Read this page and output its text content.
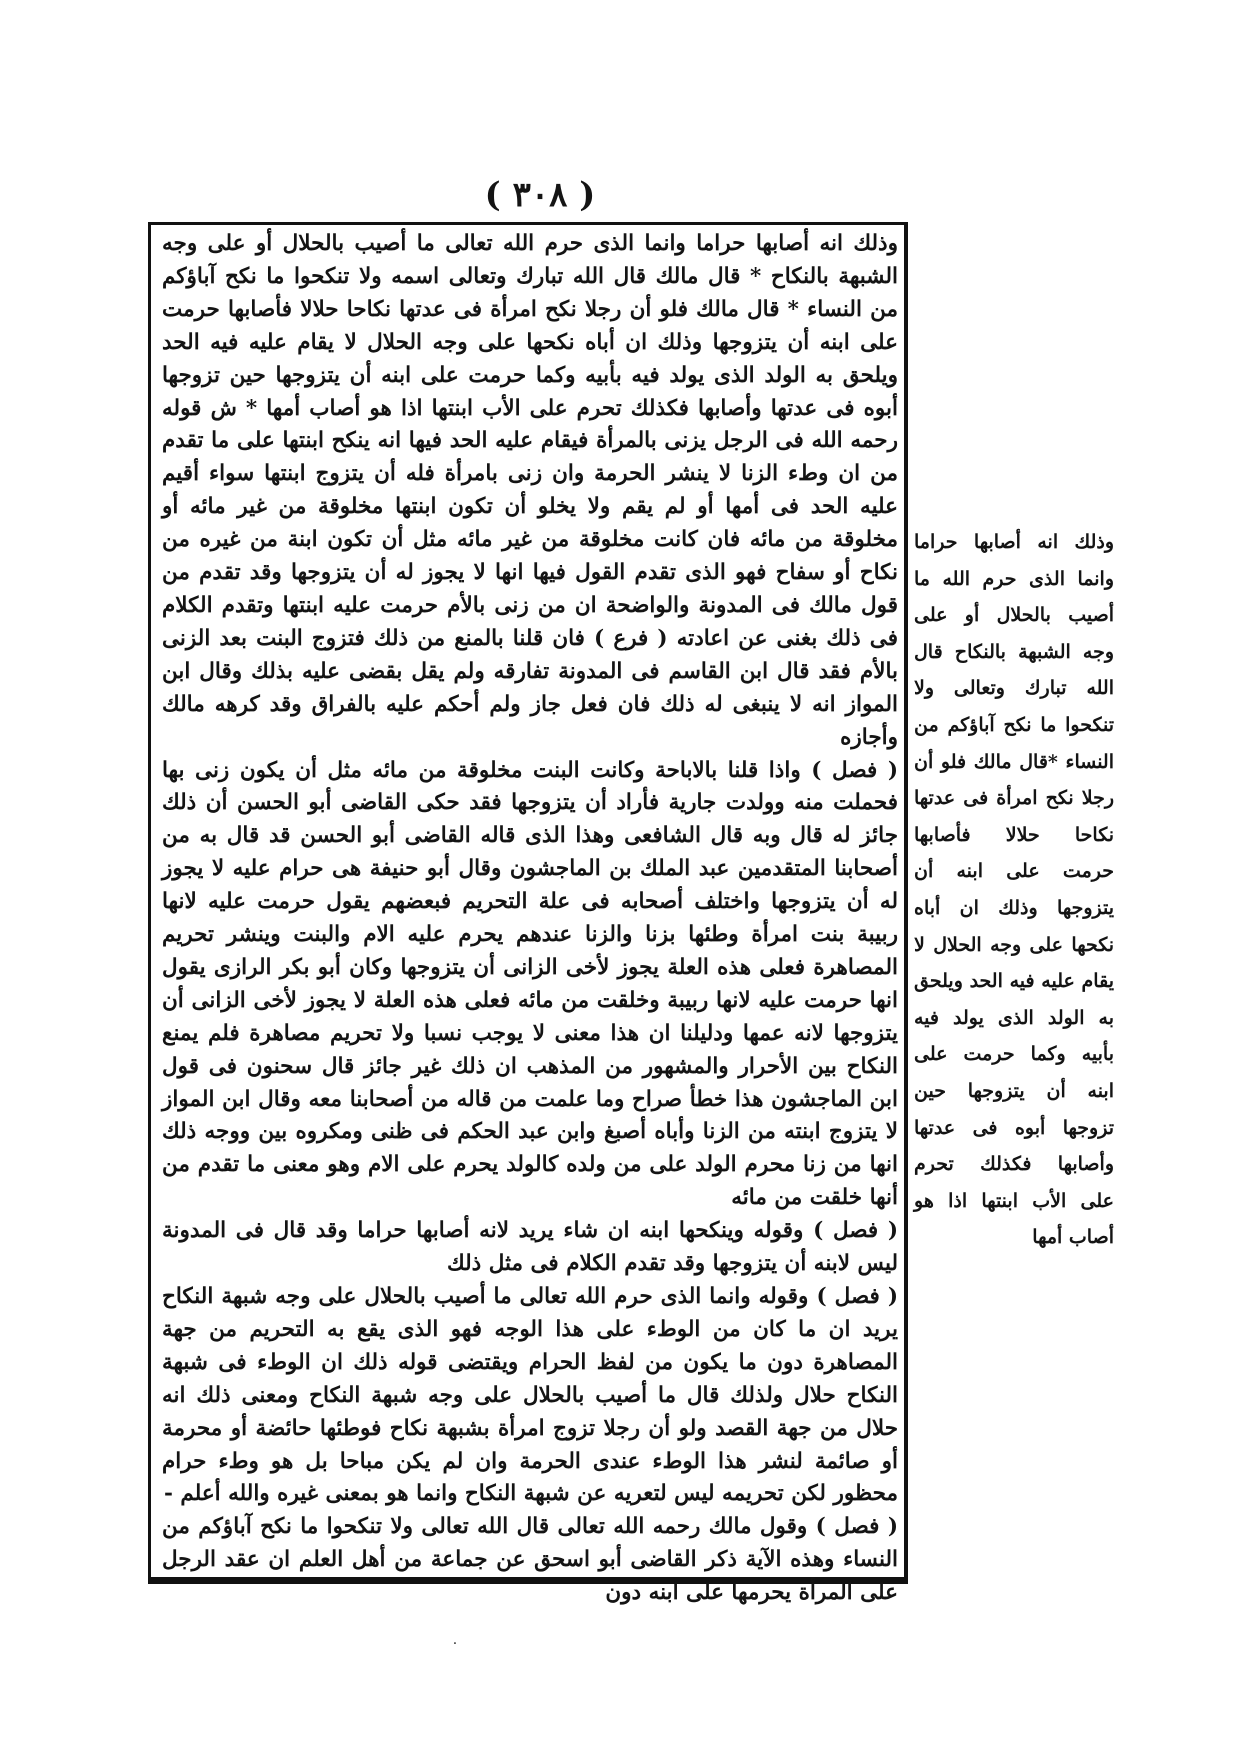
( ٣٠٨ )

وذلك انه أصابها حراما وانما الذى حرم الله تعالى ما أصيب بالحلال أو على وجه الشبهة بالنكاح * قال مالك قال الله تبارك وتعالى اسمه ولا تنكحوا ما نكح آباؤكم من النساء * قال مالك فلو أن رجلا نكح امرأة فى عدتها نكاحا حلالا فأصابها حرمت على ابنه أن يتزوجها وذلك ان أباه نكحها على وجه الحلال لا يقام عليه فيه الحد ويلحق به الولد الذى يولد فيه بأبيه وكما حرمت على ابنه أن يتزوجها حين تزوجها أبوه فى عدتها وأصابها فكذلك تحرم على الأب ابنتها اذا هو أصاب أمها * ش قوله رحمه الله فى الرجل يزنى بالمرأة فيقام عليه الحد فيها انه ينكح ابنتها على ما تقدم من ان وطء الزنا لا ينشر الحرمة وان زنى بامرأة فله أن يتزوج ابنتها سواء أقيم عليه الحد فى أمها أو لم يقم ولا يخلو أن تكون ابنتها مخلوقة من غير مائه أو مخلوقة من مائه فان كانت مخلوقة من غير مائه مثل أن تكون ابنة من غيره من نكاح أو سفاح فهو الذى تقدم القول فيها انها لا يجوز له أن يتزوجها وقد تقدم من قول مالك فى المدونة والواضحة ان من زنى بالأم حرمت عليه ابنتها وتقدم الكلام فى ذلك بغنى عن اعادته ( فرع ) فان قلنا بالمنع من ذلك فتزوج البنت بعد الزنى بالأم فقد قال ابن القاسم فى المدونة تفارقه ولم يقل بقضى عليه بذلك وقال ابن المواز انه لا ينبغى له ذلك فان فعل جاز ولم أحكم عليه بالفراق وقد كرهه مالك وأجازه

( فصل ) واذا قلنا بالاباحة وكانت البنت مخلوقة من مائه مثل أن يكون زنى بها فحملت منه وولدت جارية فأراد أن يتزوجها فقد حكى القاضى أبو الحسن أن ذلك جائز له قال وبه قال الشافعى وهذا الذى قاله القاضى أبو الحسن قد قال به من أصحابنا المتقدمين عبد الملك بن الماجشون وقال أبو حنيفة هى حرام عليه لا يجوز له أن يتزوجها واختلف أصحابه فى علة التحريم فبعضهم يقول حرمت عليه لانها ربيبة بنت امرأة وطئها بزنا والزنا عندهم يحرم عليه الام والبنت وينشر تحريم المصاهرة فعلى هذه العلة يجوز لأخى الزانى أن يتزوجها وكان أبو بكر الرازى يقول انها حرمت عليه لانها ربيبة وخلقت من مائه فعلى هذه العلة لا يجوز لأخى الزانى أن يتزوجها لانه عمها ودليلنا ان هذا معنى لا يوجب نسبا ولا تحريم مصاهرة فلم يمنع النكاح بين الأحرار والمشهور من المذهب ان ذلك غير جائز قال سحنون فى قول ابن الماجشون هذا خطأ صراح وما علمت من قاله من أصحابنا معه وقال ابن المواز لا يتزوج ابنته من الزنا وأباه أصبغ وابن عبد الحكم فى ظنى ومكروه بين ووجه ذلك انها من زنا محرم الولد على من ولده كالولد يحرم على الام وهو معنى ما تقدم من أنها خلقت من مائه

( فصل ) وقوله وينكحها ابنه ان شاء يريد لانه أصابها حراما وقد قال فى المدونة ليس لابنه أن يتزوجها وقد تقدم الكلام فى مثل ذلك

( فصل ) وقوله وانما الذى حرم الله تعالى ما أصيب بالحلال على وجه شبهة النكاح يريد ان ما كان من الوطء على هذا الوجه فهو الذى يقع به التحريم من جهة المصاهرة دون ما يكون من لفظ الحرام ويقتضى قوله ذلك ان الوطء فى شبهة النكاح حلال ولذلك قال ما أصيب بالحلال على وجه شبهة النكاح ومعنى ذلك انه حلال من جهة القصد ولو أن رجلا تزوج امرأة بشبهة نكاح فوطئها حائضة أو محرمة أو صائمة لنشر هذا الوطء عندى الحرمة وان لم يكن مباحا بل هو وطء حرام محظور لكن تحريمه ليس لتعريه عن شبهة النكاح وانما هو بمعنى غيره والله أعلم -

( فصل ) وقول مالك رحمه الله تعالى قال الله تعالى ولا تنكحوا ما نكح آباؤكم من النساء وهذه الآية ذكر القاضى أبو اسحق عن جماعة من أهل العلم ان عقد الرجل على المرأة يحرمها على ابنه دون

وذلك انه أصابها حراما وانما الذى حرم الله ما أصيب بالحلال أو على وجه الشبهة بالنكاح قال الله تبارك وتعالى ولا تنكحوا ما نكح آباؤكم من النساء *قال مالك فلو أن رجلا نكح امرأة فى عدتها نكاحا حلالا فأصابها حرمت على ابنه أن يتزوجها وذلك ان أباه نكحها على وجه الحلال لا يقام عليه فيه الحد ويلحق به الولد الذى يولد فيه بأبيه وكما حرمت على ابنه أن يتزوجها حين تزوجها أبوه فى عدتها وأصابها فكذلك تحرم على الأب ابنتها اذا هو أصاب أمها

·
